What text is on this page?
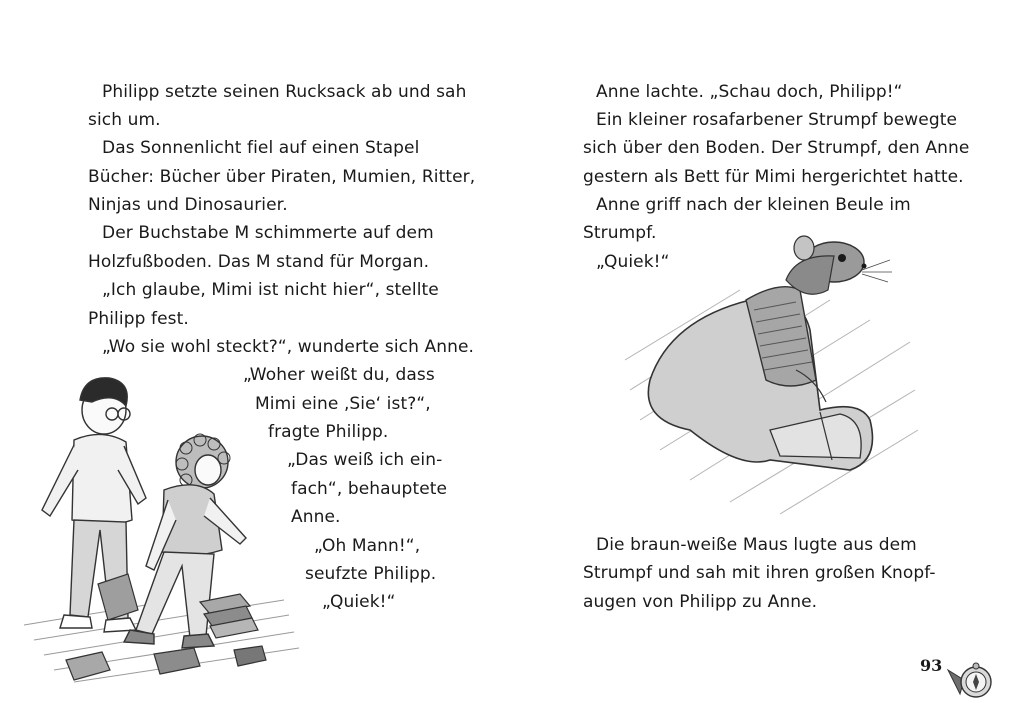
Philipp setzte seinen Rucksack ab und sah
sich um.
Das Sonnenlicht fiel auf einen Stapel
Bücher: Bücher über Piraten, Mumien, Ritter,
Ninjas und Dinosaurier.
Der Buchstabe M schimmerte auf dem
Holzfußboden. Das M stand für Morgan.
„Ich glaube, Mimi ist nicht hier“, stellte
Philipp fest.
„Wo sie wohl steckt?“, wunderte sich Anne.
„Woher weißt du, dass
Mimi eine ‚Sie‘ ist?“,
fragte Philipp.
„Das weiß ich ein-
fach“, behauptete
Anne.
„Oh Mann!“,
seufzte Philipp.
„Quiek!“
Anne lachte. „Schau doch, Philipp!“
Ein kleiner rosafarbener Strumpf bewegte
sich über den Boden. Der Strumpf, den Anne
gestern als Bett für Mimi hergerichtet hatte.
Anne griff nach der kleinen Beule im
Strumpf.
„Quiek!“
Die braun-weiße Maus lugte aus dem
Strumpf und sah mit ihren großen Knopf-
augen von Philipp zu Anne.
93
